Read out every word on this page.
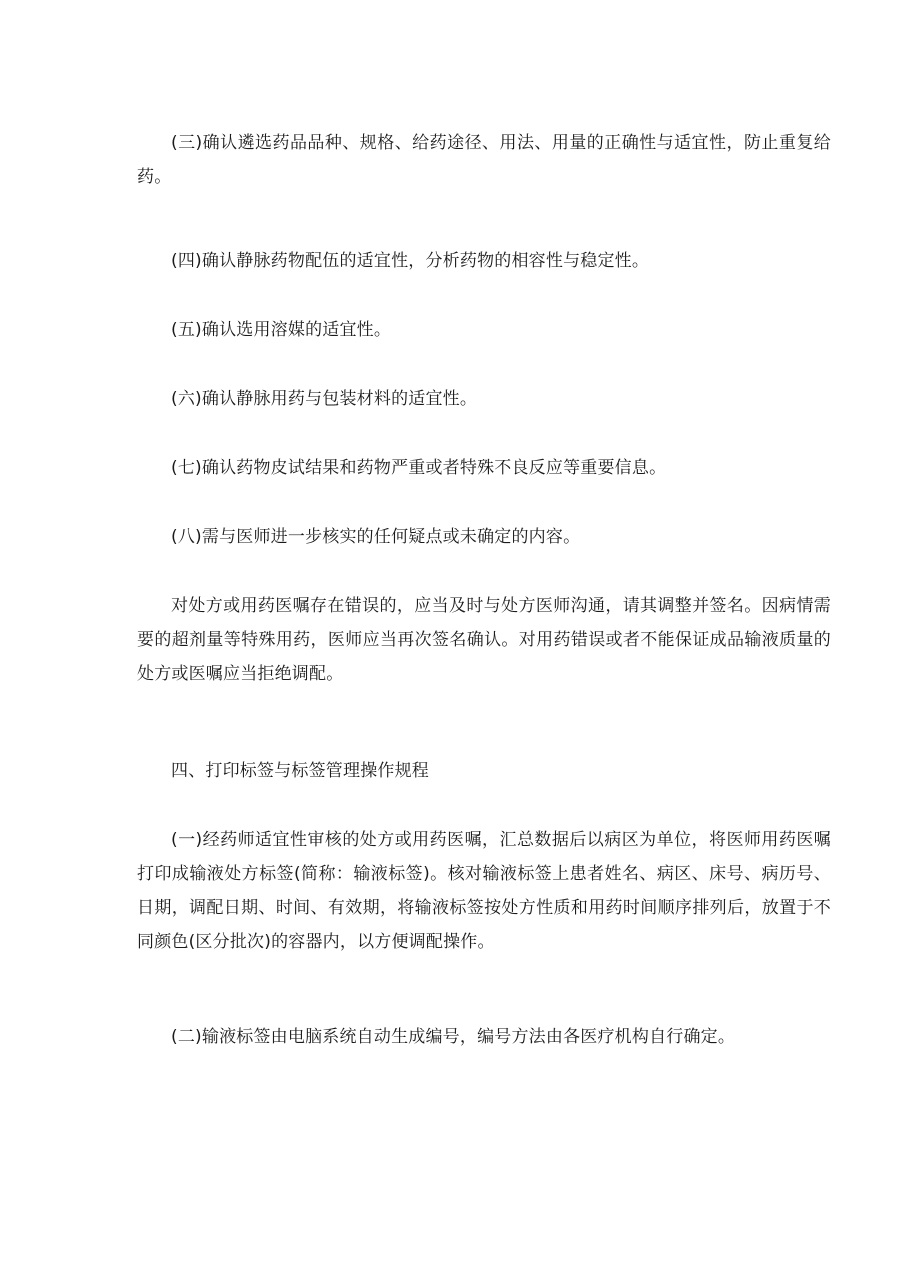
(三)确认遴选药品品种、规格、给药途径、用法、用量的正确性与适宜性，防止重复给药。

(四)确认静脉药物配伍的适宜性，分析药物的相容性与稳定性。

(五)确认选用溶媒的适宜性。

(六)确认静脉用药与包装材料的适宜性。

(七)确认药物皮试结果和药物严重或者特殊不良反应等重要信息。

(八)需与医师进一步核实的任何疑点或未确定的内容。

对处方或用药医嘱存在错误的，应当及时与处方医师沟通，请其调整并签名。因病情需要的超剂量等特殊用药，医师应当再次签名确认。对用药错误或者不能保证成品输液质量的处方或医嘱应当拒绝调配。

四、打印标签与标签管理操作规程

(一)经药师适宜性审核的处方或用药医嘱，汇总数据后以病区为单位，将医师用药医嘱打印成输液处方标签(简称：输液标签)。核对输液标签上患者姓名、病区、床号、病历号、日期，调配日期、时间、有效期，将输液标签按处方性质和用药时间顺序排列后，放置于不同颜色(区分批次)的容器内，以方便调配操作。

(二)输液标签由电脑系统自动生成编号，编号方法由各医疗机构自行确定。
